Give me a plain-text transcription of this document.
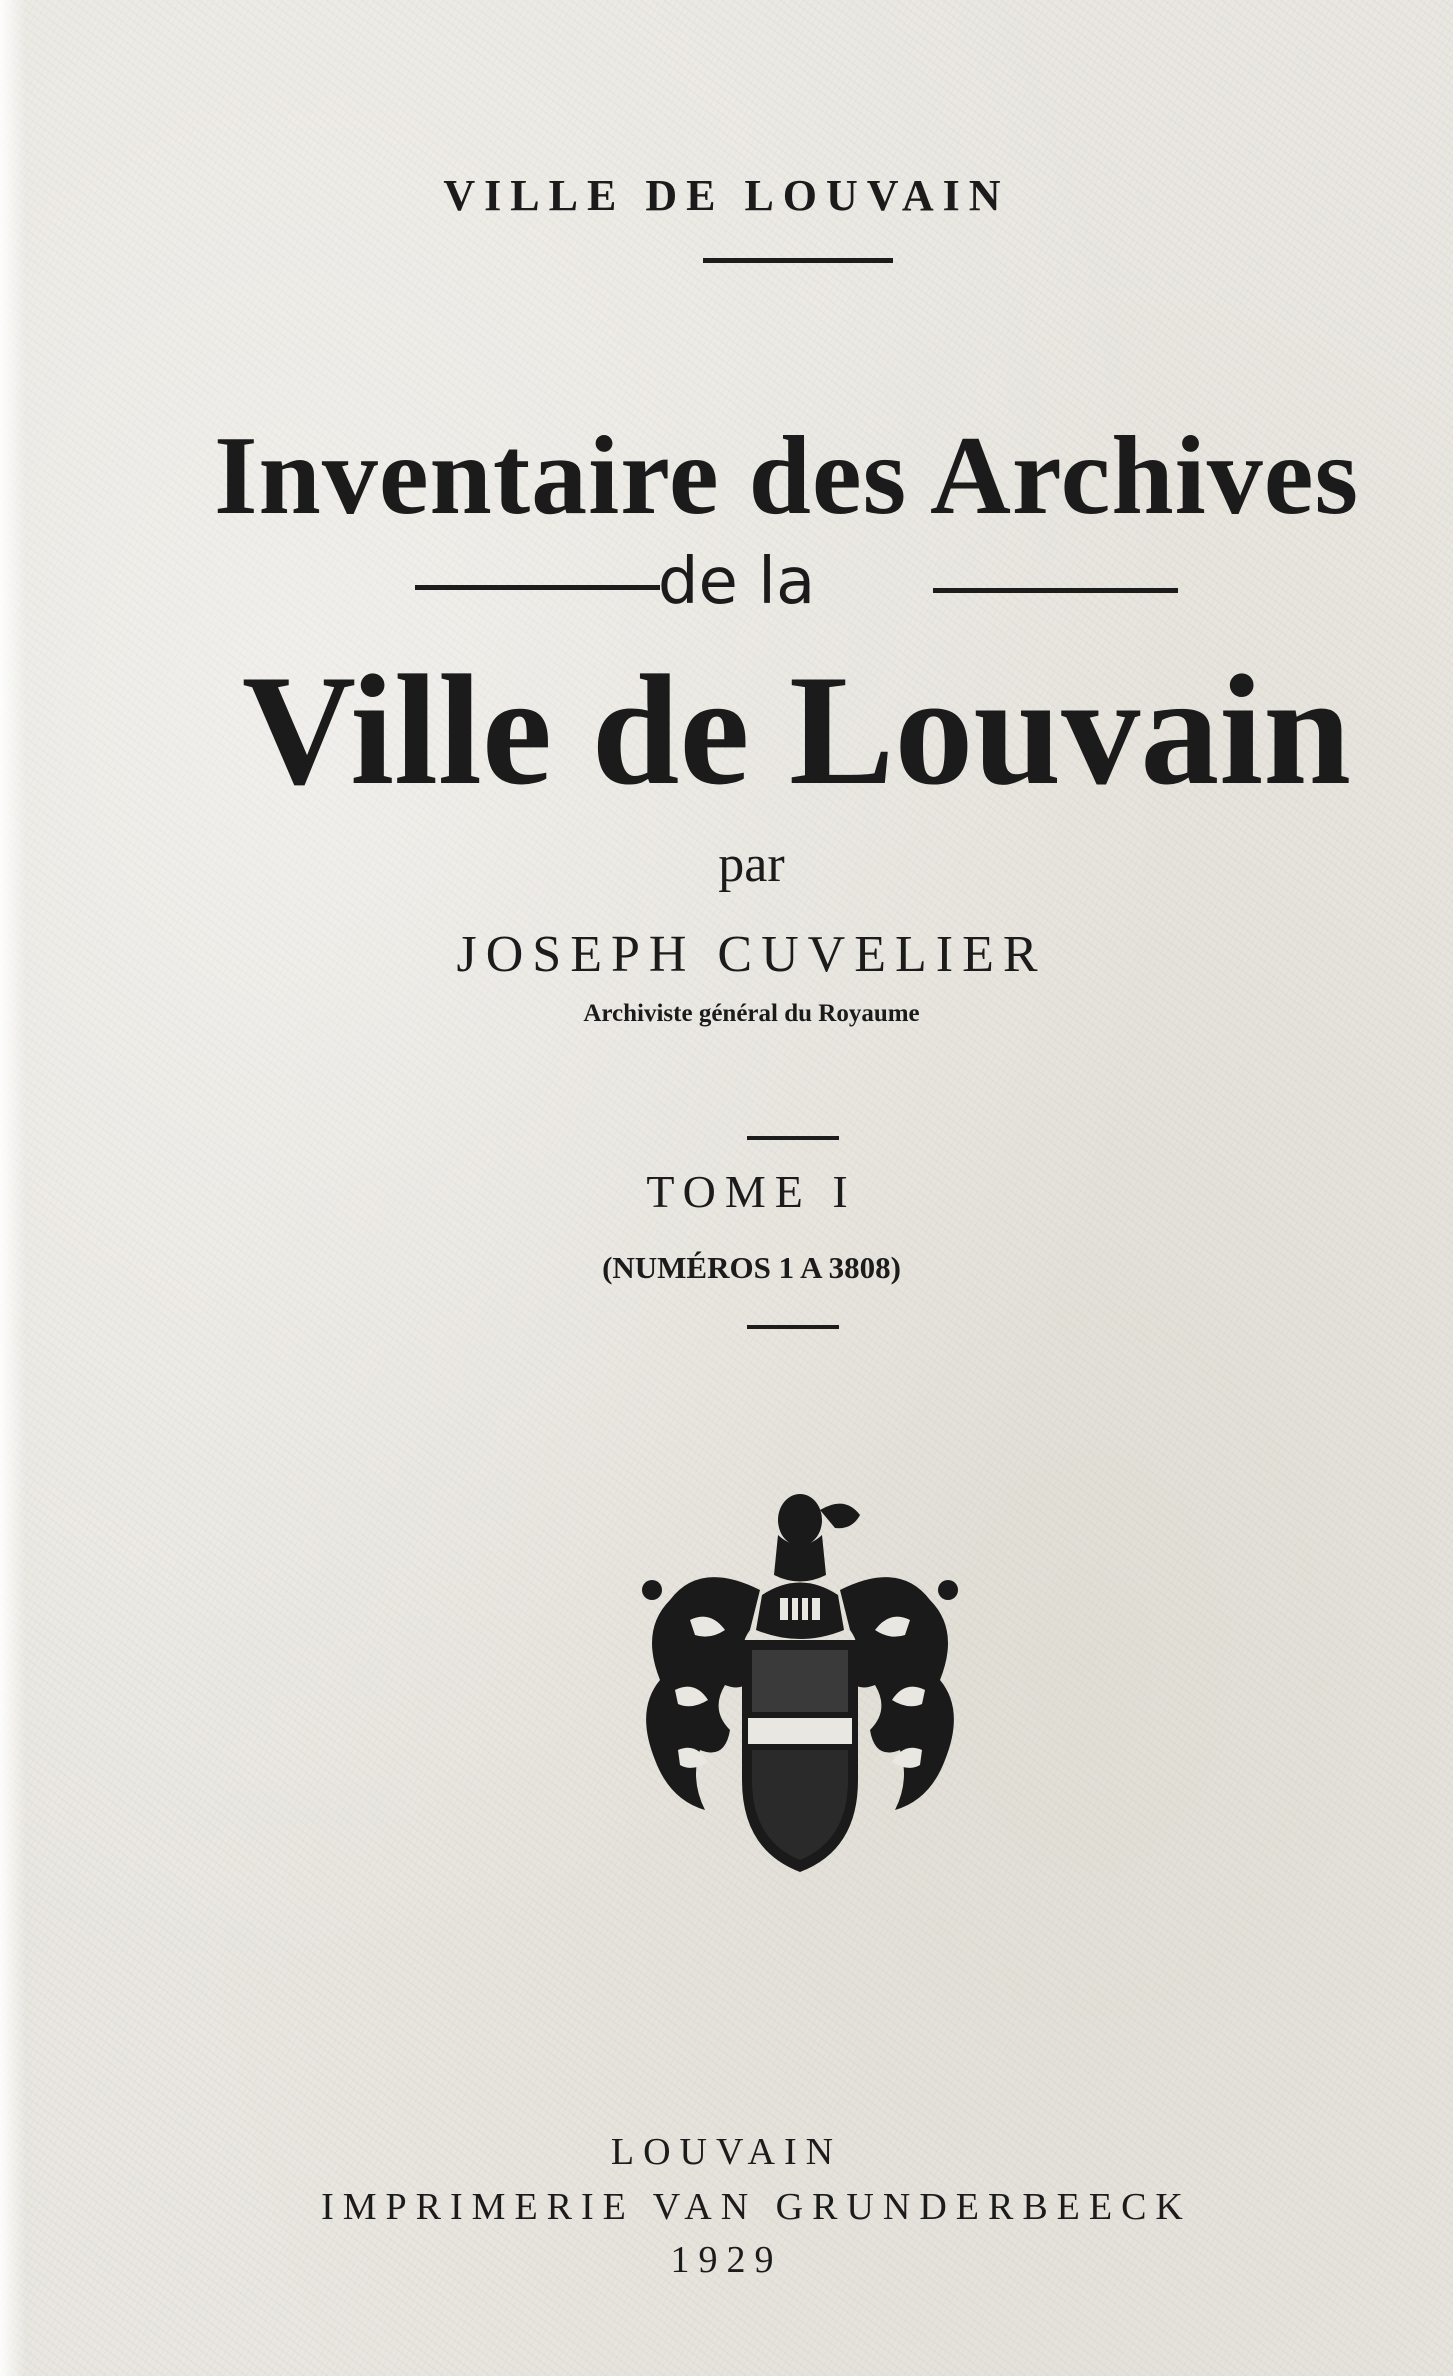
VILLE DE LOUVAIN
Inventaire des Archives
de la
Ville de Louvain
par
JOSEPH CUVELIER
Archiviste général du Royaume
TOME I
(NUMÉROS 1 A 3808)
LOUVAIN
IMPRIMERIE VAN GRUNDERBEECK
1929
